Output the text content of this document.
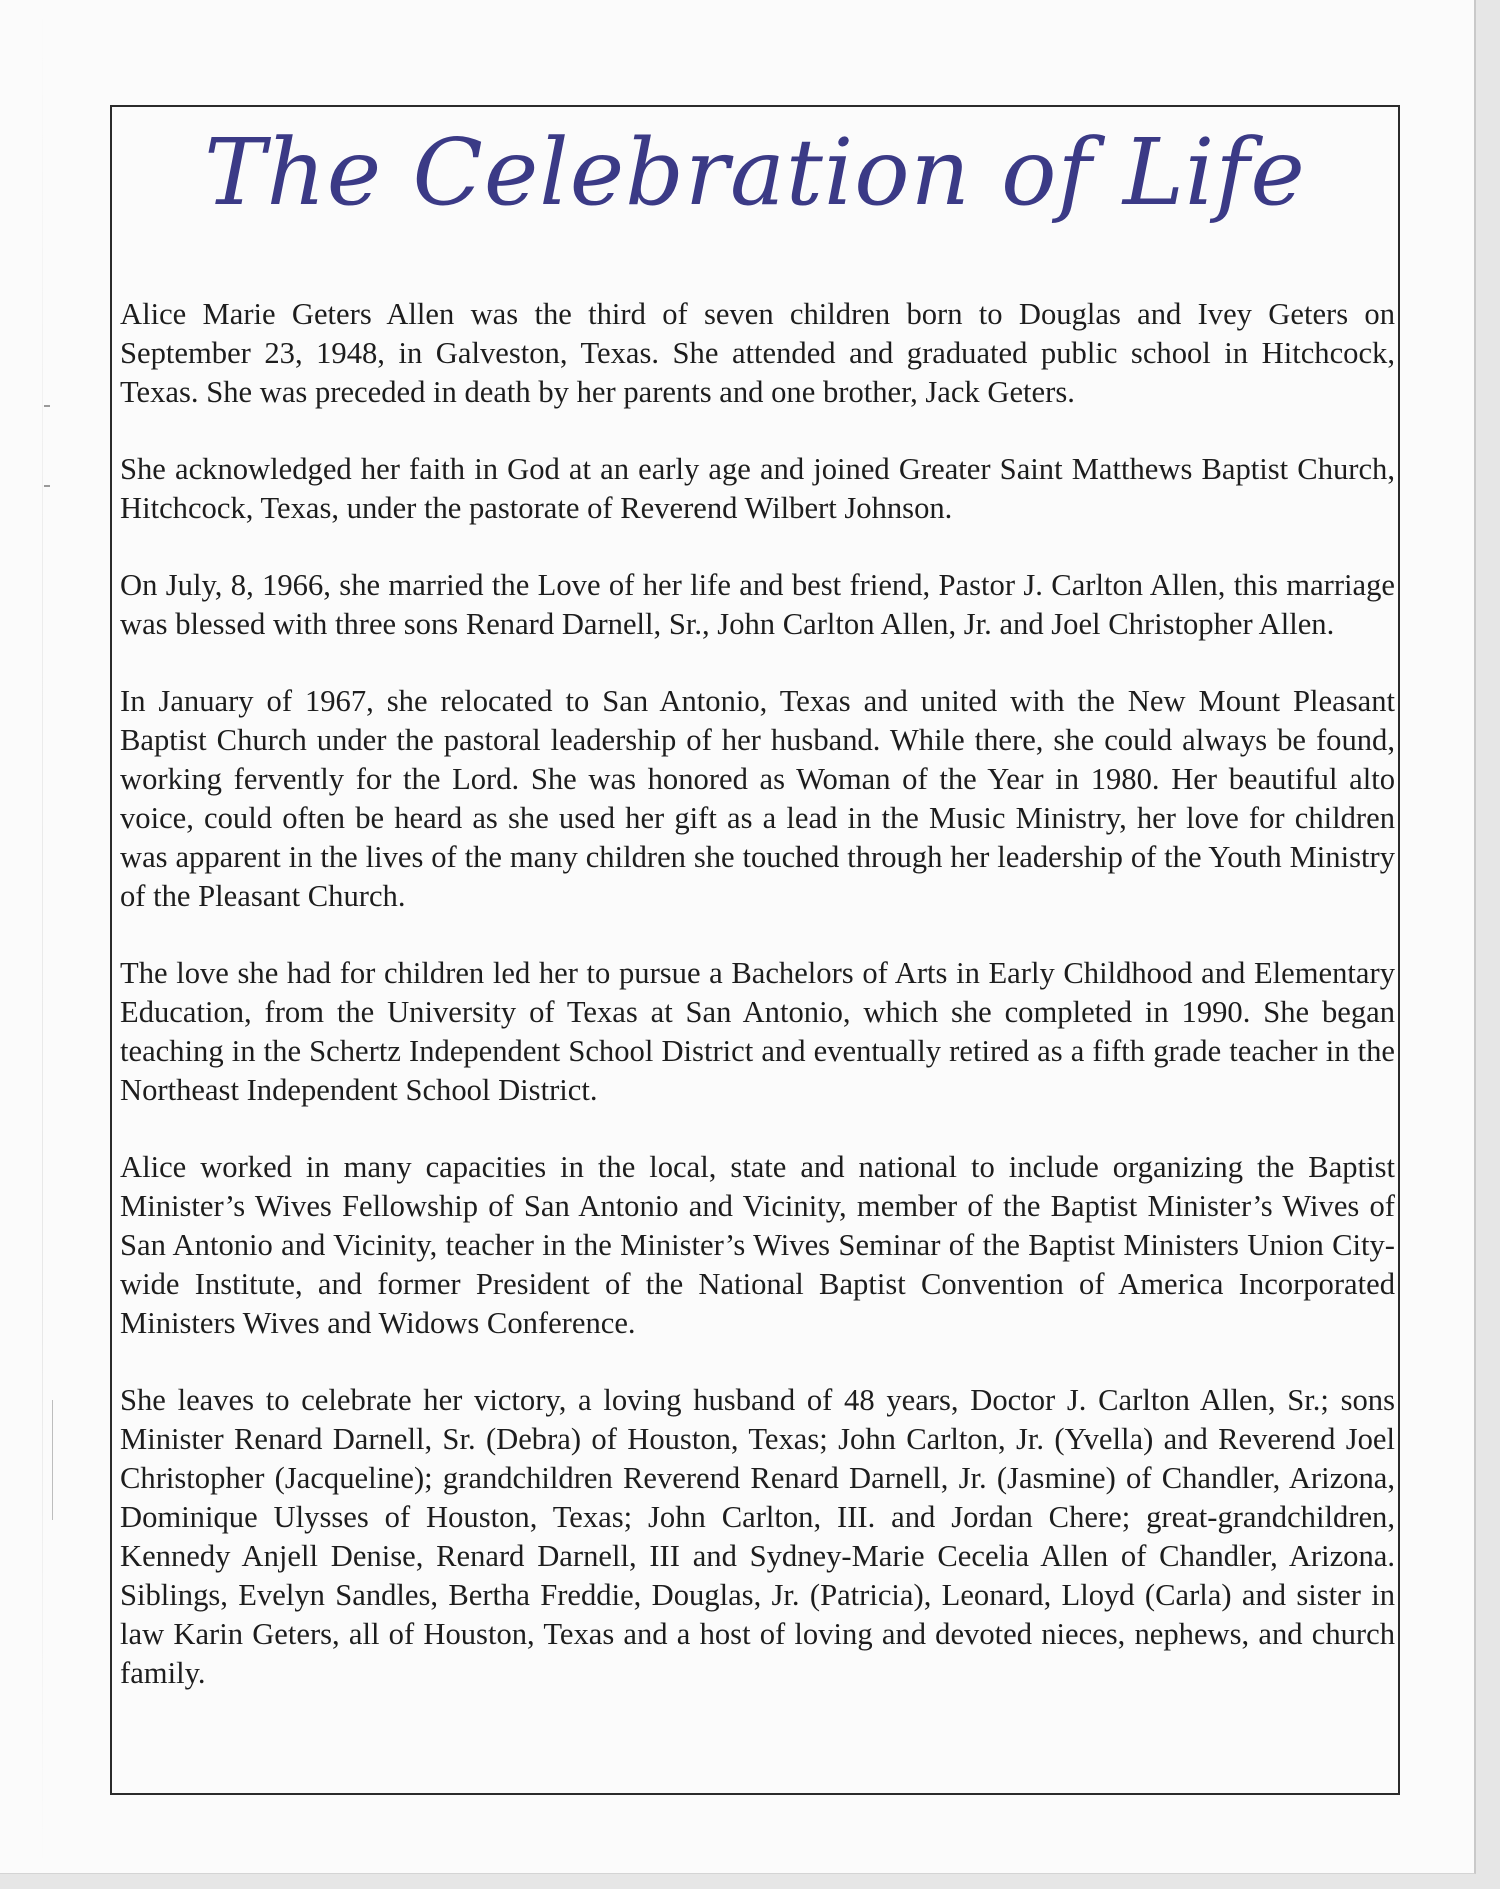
The Celebration of Life

Alice Marie Geters Allen was the third of seven children born to Douglas and Ivey Geters on September 23, 1948, in Galveston, Texas. She attended and graduated public school in Hitchcock, Texas. She was preceded in death by her parents and one brother, Jack Geters.

She acknowledged her faith in God at an early age and joined Greater Saint Matthews Baptist Church, Hitchcock, Texas, under the pastorate of Reverend Wilbert Johnson.

On July, 8, 1966, she married the Love of her life and best friend, Pastor J. Carlton Allen, this marriage was blessed with three sons Renard Darnell, Sr., John Carlton Allen, Jr. and Joel Christopher Allen.

In January of 1967, she relocated to San Antonio, Texas and united with the New Mount Pleasant Baptist Church under the pastoral leadership of her husband. While there, she could always be found, working fervently for the Lord. She was honored as Woman of the Year in 1980. Her beautiful alto voice, could often be heard as she used her gift as a lead in the Music Ministry, her love for children was apparent in the lives of the many children she touched through her leadership of the Youth Ministry of the Pleasant Church.

The love she had for children led her to pursue a Bachelors of Arts in Early Childhood and Elementary Education, from the University of Texas at San Antonio, which she completed in 1990. She began teaching in the Schertz Independent School District and eventually retired as a fifth grade teacher in the Northeast Independent School District.

Alice worked in many capacities in the local, state and national to include organizing the Baptist Minister’s Wives Fellowship of San Antonio and Vicinity, member of the Baptist Minister’s Wives of San Antonio and Vicinity, teacher in the Minister’s Wives Seminar of the Baptist Ministers Union City-wide Institute, and former President of the National Baptist Convention of America Incorporated Ministers Wives and Widows Conference.

She leaves to celebrate her victory, a loving husband of 48 years, Doctor J. Carlton Allen, Sr.; sons Minister Renard Darnell, Sr. (Debra) of Houston, Texas; John Carlton, Jr. (Yvella) and Reverend Joel Christopher (Jacqueline); grandchildren Reverend Renard Darnell, Jr. (Jasmine) of Chandler, Arizona, Dominique Ulysses of Houston, Texas; John Carlton, III. and Jordan Chere; great-grandchildren, Kennedy Anjell Denise, Renard Darnell, III and Sydney-Marie Cecelia Allen of Chandler, Arizona. Siblings, Evelyn Sandles, Bertha Freddie, Douglas, Jr. (Patricia), Leonard, Lloyd (Carla) and sister in law Karin Geters, all of Houston, Texas and a host of loving and devoted nieces, nephews, and church family.
